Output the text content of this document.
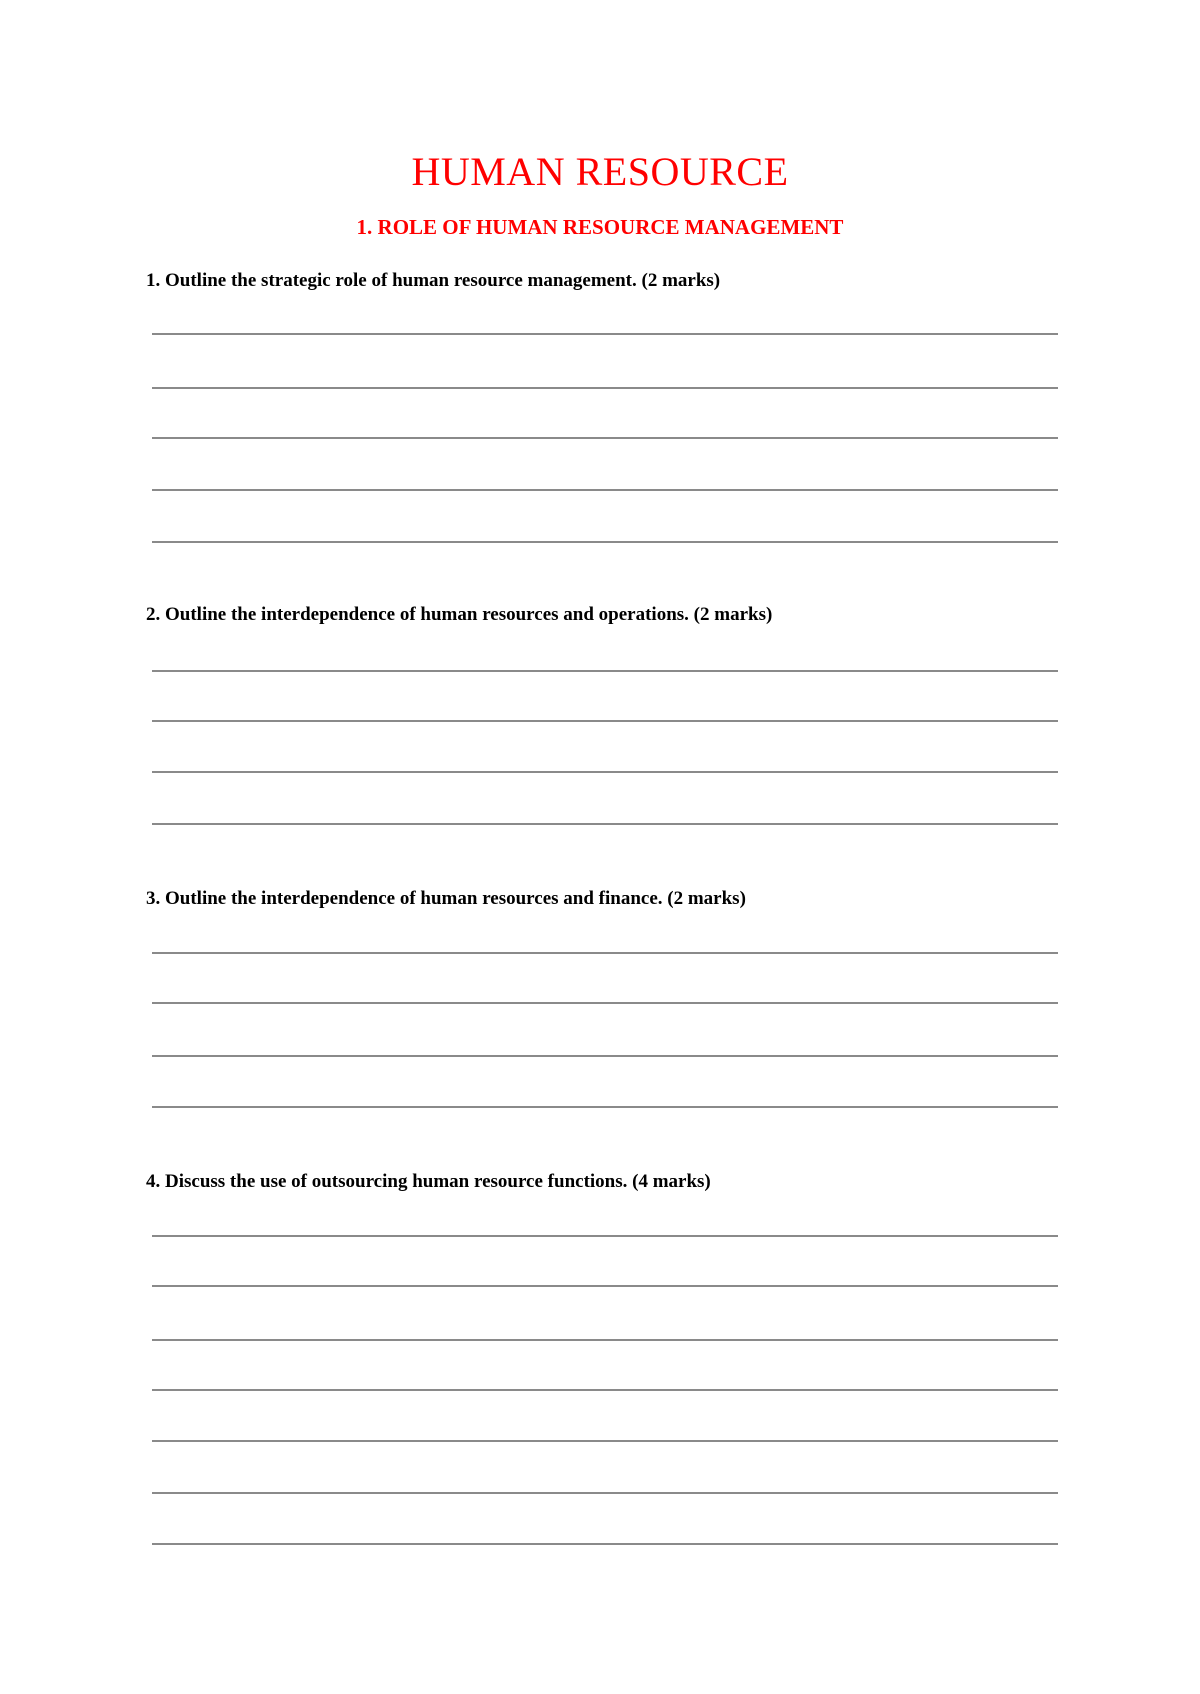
HUMAN RESOURCE
1. ROLE OF HUMAN RESOURCE MANAGEMENT

1. Outline the strategic role of human resource management. (2 marks)

2. Outline the interdependence of human resources and operations. (2 marks)

3. Outline the interdependence of human resources and finance. (2 marks)

4. Discuss the use of outsourcing human resource functions. (4 marks)
